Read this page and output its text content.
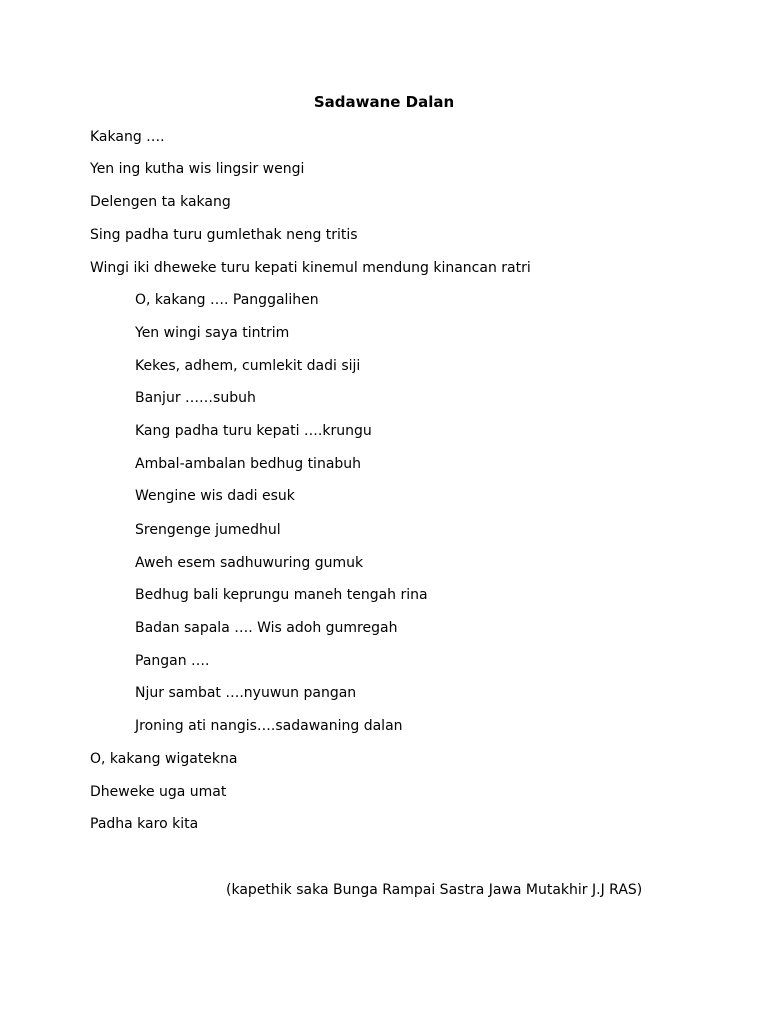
Sadawane Dalan
Kakang ….
Yen ing kutha wis lingsir wengi
Delengen ta kakang
Sing padha turu gumlethak neng tritis
Wingi iki dheweke turu kepati kinemul mendung kinancan ratri
O, kakang …. Panggalihen
Yen wingi saya tintrim
Kekes, adhem, cumlekit dadi siji
Banjur ……subuh
Kang padha turu kepati ….krungu
Ambal-ambalan bedhug tinabuh
Wengine wis dadi esuk
Srengenge jumedhul
Aweh esem sadhuwuring gumuk
Bedhug bali keprungu maneh tengah rina
Badan sapala …. Wis adoh gumregah
Pangan ….
Njur sambat ….nyuwun pangan
Jroning ati nangis….sadawaning dalan
O, kakang wigatekna
Dheweke uga umat
Padha karo kita
(kapethik saka Bunga Rampai Sastra Jawa Mutakhir J.J RAS)
